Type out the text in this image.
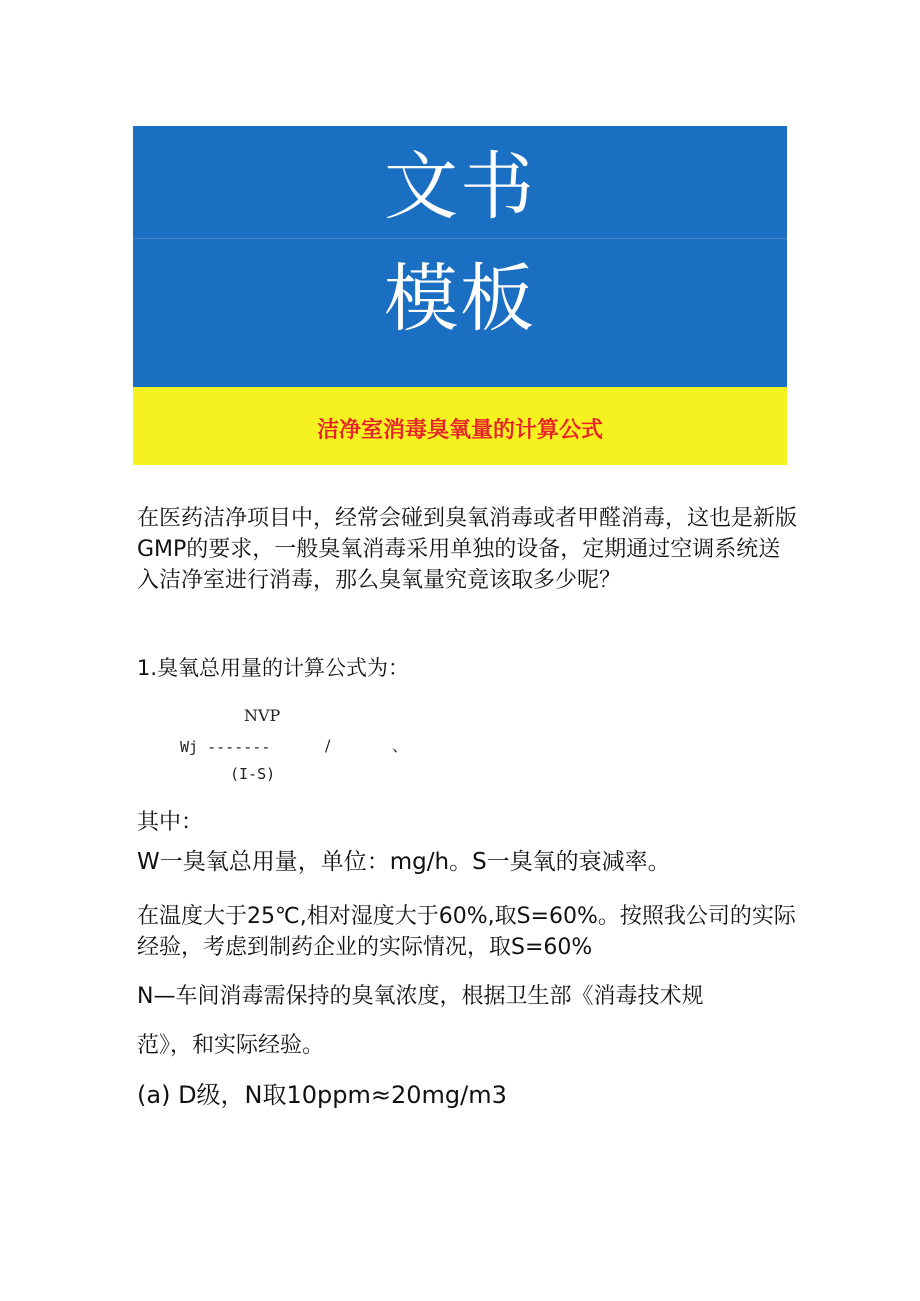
文书
模板
洁净室消毒臭氧量的计算公式

在医药洁净项目中，经常会碰到臭氧消毒或者甲醛消毒，这也是新版GMP的要求，一般臭氧消毒采用单独的设备，定期通过空调系统送入洁净室进行消毒，那么臭氧量究竟该取多少呢？

1.臭氧总用量的计算公式为：

NVP
Wj -------	/	、
(I-S)

其中：

W一臭氧总用量，单位：mg/h。S一臭氧的衰减率。

在温度大于25℃,相对湿度大于60%,取S=60%。按照我公司的实际经验，考虑到制药企业的实际情况，取S=60%

N—车间消毒需保持的臭氧浓度，根据卫生部《消毒技术规

范》，和实际经验。

(a) D级，N取10ppm≈20mg/m3
